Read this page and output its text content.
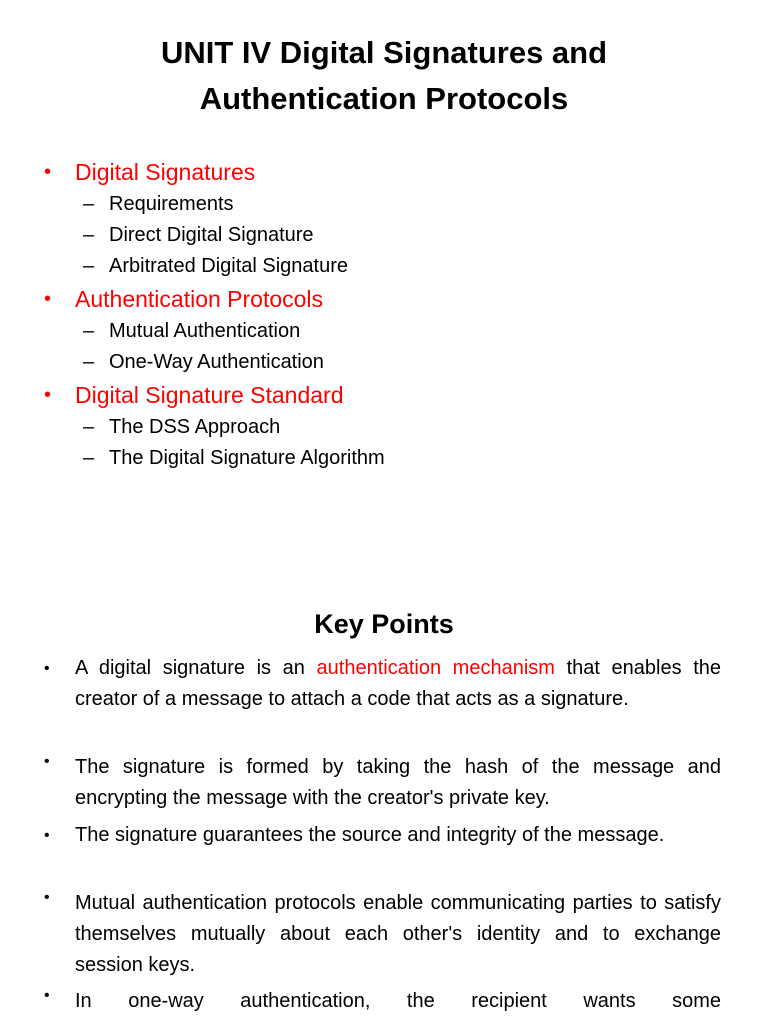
UNIT IV Digital Signatures and
Authentication Protocols
• Digital Signatures
– Requirements
– Direct Digital Signature
– Arbitrated Digital Signature
• Authentication Protocols
– Mutual Authentication
– One-Way Authentication
• Digital Signature Standard
– The DSS Approach
– The Digital Signature Algorithm
Key Points
• A digital signature is an authentication mechanism that enables the creator of a message to attach a code that acts as a signature.
• The signature is formed by taking the hash of the message and encrypting the message with the creator's private key.
• The signature guarantees the source and integrity of the message.
• Mutual authentication protocols enable communicating parties to satisfy themselves mutually about each other's identity and to exchange session keys.
• In one-way authentication, the recipient wants some
